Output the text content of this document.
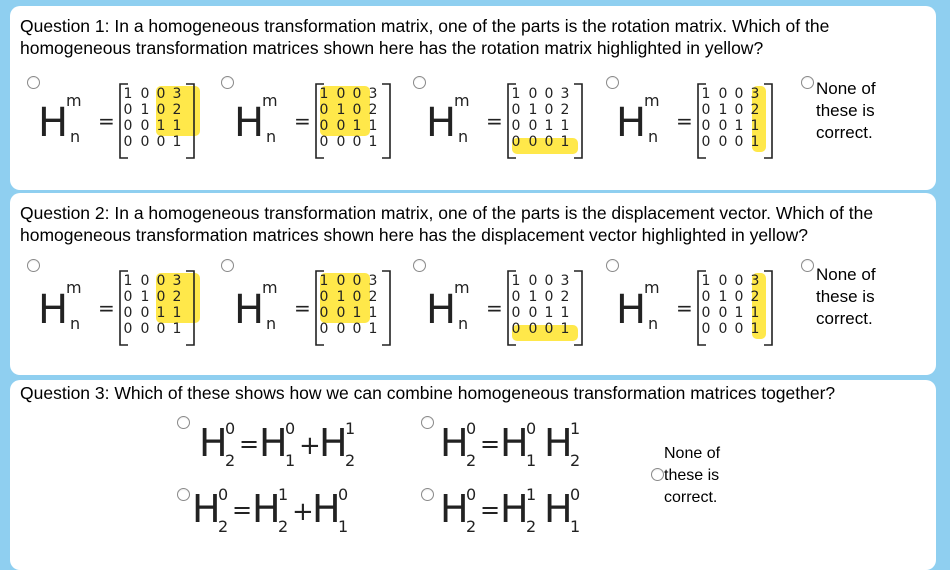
Question 1: In a homogeneous transformation matrix, one of the parts is the rotation matrix. Which of the homogeneous transformation matrices shown here has the rotation matrix highlighted in yellow?
H
m
n
=
1 0 0 3
0 1 0 2
0 0 1 1
0 0 0 1 H
m
n
=
1 0 0 3
0 1 0 2
0 0 1 1
0 0 0 1 H
m
n
=
1 0 0 3
0 1 0 2
0 0 1 1
0 0 0 1 H
m
n
=
1 0 0 3
0 1 0 2
0 0 1 1
0 0 0 1
None of
these is
correct.
Question 2: In a homogeneous transformation matrix, one of the parts is the displacement vector. Which of the homogeneous transformation matrices shown here has the displacement vector highlighted in yellow?
H
m
n
=
1 0 0 3
0 1 0 2
0 0 1 1
0 0 0 1 H
m
n
=
1 0 0 3
0 1 0 2
0 0 1 1
0 0 0 1 H
m
n
=
1 0 0 3
0 1 0 2
0 0 1 1
0 0 0 1 H
m
n
=
1 0 0 3
0 1 0 2
0 0 1 1
0 0 0 1
None of
these is
correct.
Question 3: Which of these shows how we can combine homogeneous transformation matrices together?
H
0
2
= H
0
1 +
H
1
2 H
0
2
= H
0
1 H
1
2
H
0
2
= H
1
2 +
H
0
1 H
0
2
= H
1
2 H
0
1
None of
these is
correct.
